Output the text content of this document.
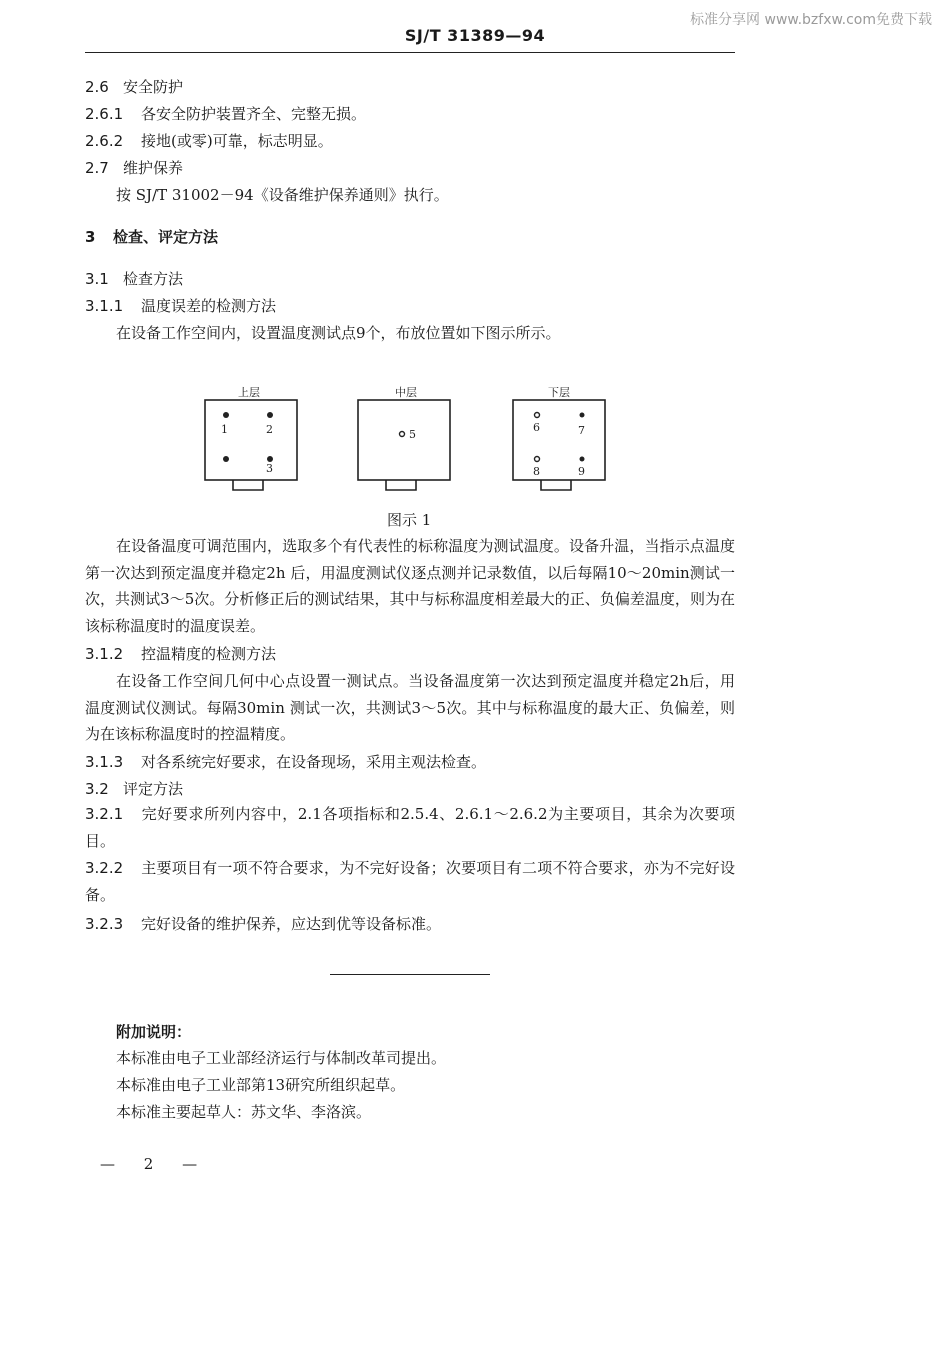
标准分享网 www.bzfxw.com免费下载
SJ/T 31389—94
2.6 安全防护
2.6.1 各安全防护装置齐全、完整无损。
2.6.2 接地(或零)可靠，标志明显。
2.7 维护保养
按 SJ/T 31002－94《设备维护保养通则》执行。
3 检查、评定方法
3.1 检查方法
3.1.1 温度误差的检测方法
在设备工作空间内，设置温度测试点9个，布放位置如下图示所示。
上层	中层	下层
1	2
3
5
6	7
8	9
图示 1
在设备温度可调范围内，选取多个有代表性的标称温度为测试温度。设备升温，当指示点温度第一次达到预定温度并稳定2h 后，用温度测试仪逐点测并记录数值，以后每隔10～20min测试一次，共测试3～5次。分析修正后的测试结果，其中与标称温度相差最大的正、负偏差温度，则为在该标称温度时的温度误差。
3.1.2 控温精度的检测方法
在设备工作空间几何中心点设置一测试点。当设备温度第一次达到预定温度并稳定2h后，用温度测试仪测试。每隔30min 测试一次，共测试3～5次。其中与标称温度的最大正、负偏差，则为在该标称温度时的控温精度。
3.1.3 对各系统完好要求，在设备现场，采用主观法检查。
3.2 评定方法
3.2.1 完好要求所列内容中，2.1各项指标和2.5.4、2.6.1～2.6.2为主要项目，其余为次要项目。
3.2.2 主要项目有一项不符合要求，为不完好设备；次要项目有二项不符合要求，亦为不完好设备。
3.2.3 完好设备的维护保养，应达到优等设备标准。
附加说明：
本标准由电子工业部经济运行与体制改革司提出。
本标准由电子工业部第13研究所组织起草。
本标准主要起草人：苏文华、李洛滨。
— 2 —
